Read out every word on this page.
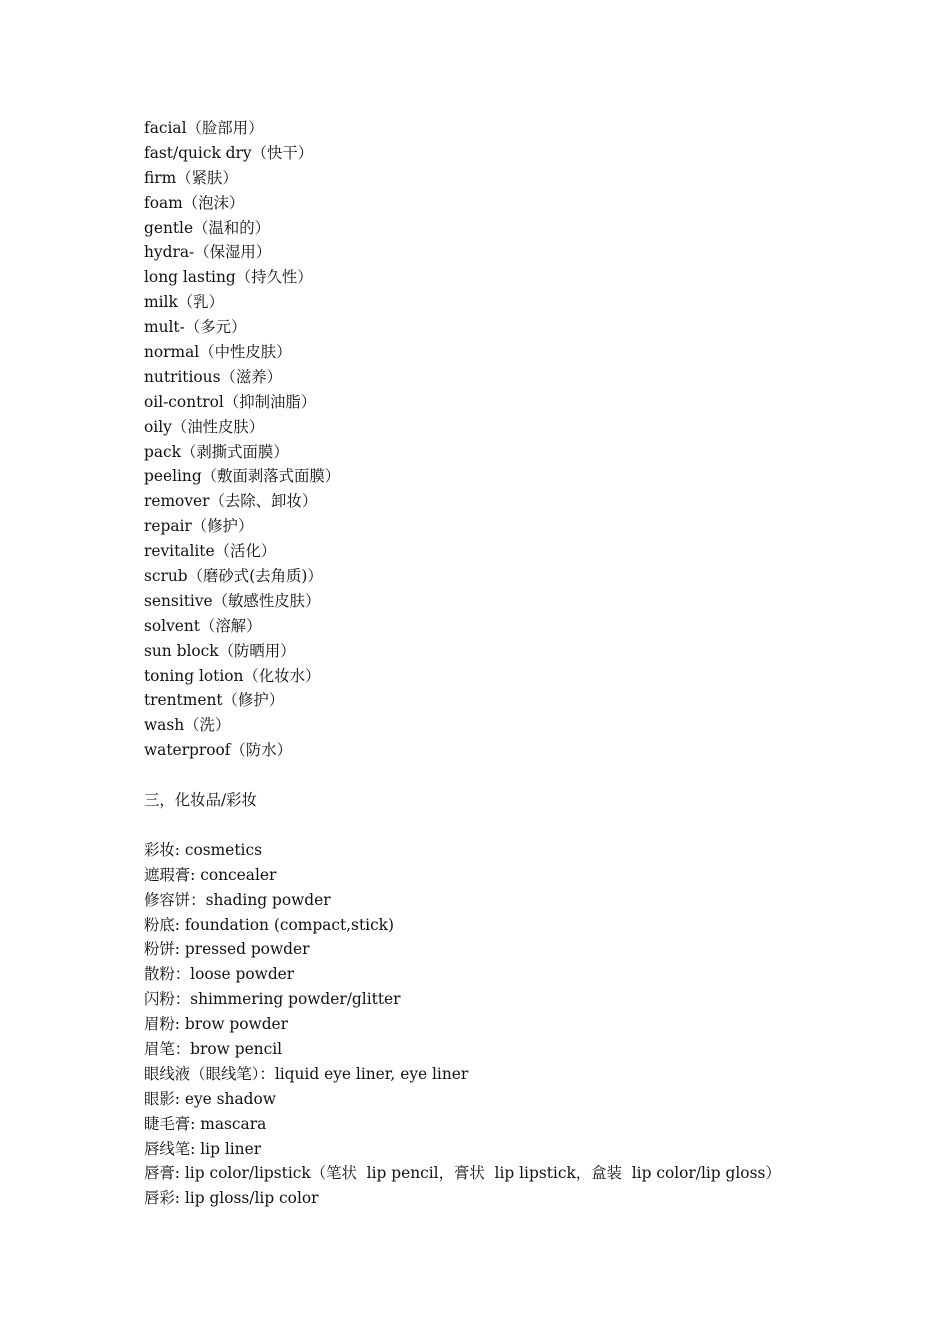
facial（脸部用）
fast/quick dry（快干）
firm（紧肤）
foam（泡沫）
gentle（温和的）
hydra-（保湿用）
long lasting（持久性）
milk（乳）
mult-（多元）
normal（中性皮肤）
nutritious（滋养）
oil-control（抑制油脂）
oily（油性皮肤）
pack（剥撕式面膜）
peeling（敷面剥落式面膜）
remover（去除、卸妆）
repair（修护）
revitalite（活化）
scrub（磨砂式(去角质)）
sensitive（敏感性皮肤）
solvent（溶解）
sun block（防晒用）
toning lotion（化妆水）
trentment（修护）
wash（洗）
waterproof（防水）
三，化妆品/彩妆
彩妆: cosmetics
遮瑕膏: concealer
修容饼：shading powder
粉底: foundation (compact,stick)
粉饼: pressed powder
散粉：loose powder
闪粉：shimmering powder/glitter
眉粉: brow powder
眉笔：brow pencil
眼线液（眼线笔）：liquid eye liner, eye liner
眼影: eye shadow
睫毛膏: mascara
唇线笔: lip liner
唇膏: lip color/lipstick（笔状  lip pencil，膏状  lip lipstick，盒装  lip color/lip gloss）
唇彩: lip gloss/lip color
